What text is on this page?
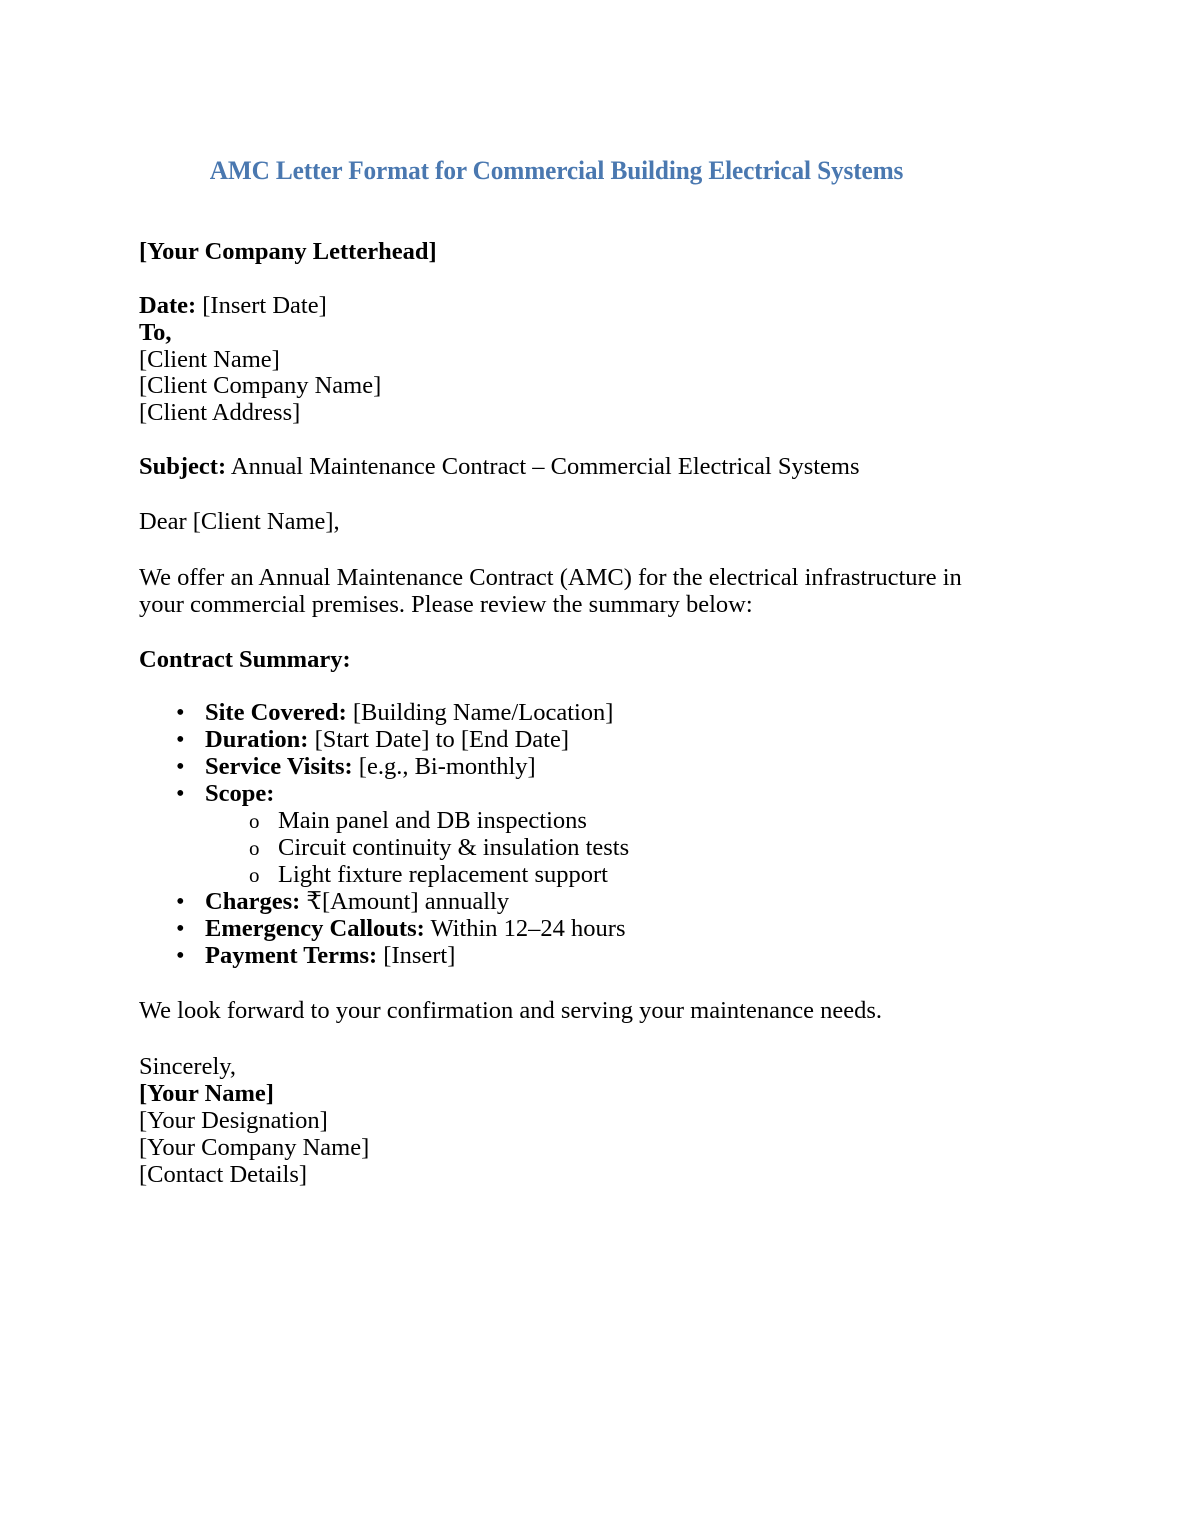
AMC Letter Format for Commercial Building Electrical Systems

[Your Company Letterhead]

Date: [Insert Date]

To,

[Client Name]

[Client Company Name]

[Client Address]

Subject: Annual Maintenance Contract – Commercial Electrical Systems

Dear [Client Name],

We offer an Annual Maintenance Contract (AMC) for the electrical infrastructure in your commercial premises. Please review the summary below:

Contract Summary:

• Site Covered: [Building Name/Location]
• Duration: [Start Date] to [End Date]
• Service Visits: [e.g., Bi-monthly]
• Scope:
o Main panel and DB inspections
o Circuit continuity & insulation tests
o Light fixture replacement support
• Charges: ₹[Amount] annually
• Emergency Callouts: Within 12–24 hours
• Payment Terms: [Insert]

We look forward to your confirmation and serving your maintenance needs.

Sincerely,

[Your Name]

[Your Designation]

[Your Company Name]

[Contact Details]
